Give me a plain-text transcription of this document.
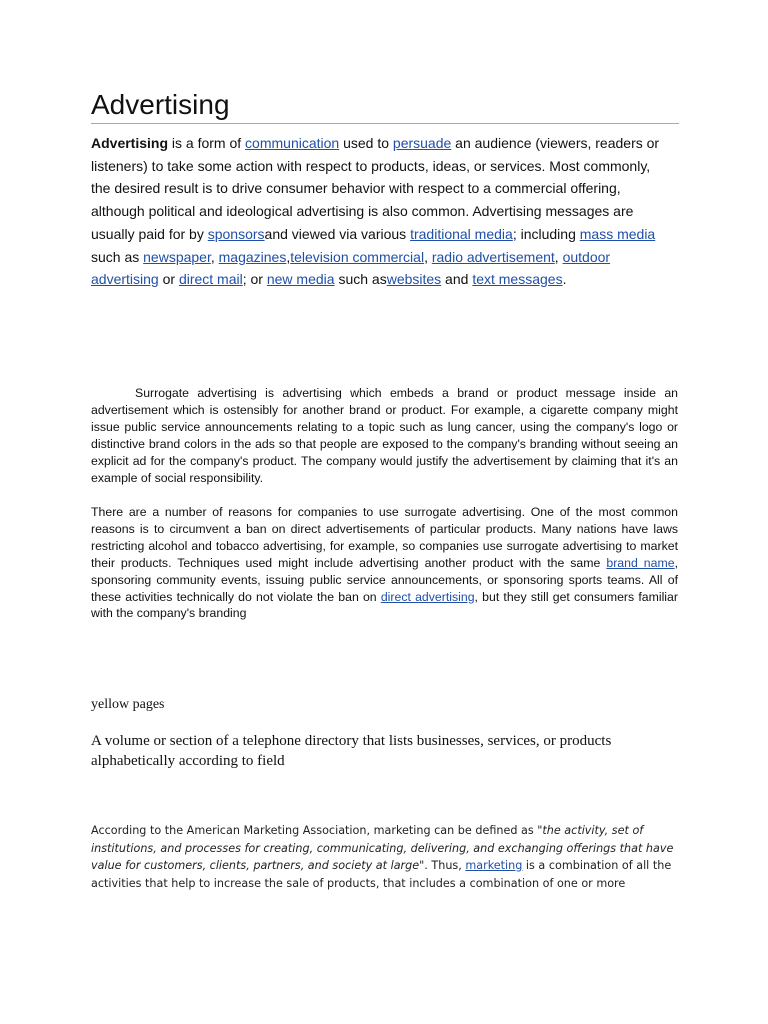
Advertising
Advertising is a form of communication used to persuade an audience (viewers, readers or listeners) to take some action with respect to products, ideas, or services. Most commonly, the desired result is to drive consumer behavior with respect to a commercial offering, although political and ideological advertising is also common. Advertising messages are usually paid for by sponsorsand viewed via various traditional media; including mass media such as newspaper, magazines,television commercial, radio advertisement, outdoor advertising or direct mail; or new media such aswebsites and text messages.
Surrogate advertising is advertising which embeds a brand or product message inside an advertisement which is ostensibly for another brand or product. For example, a cigarette company might issue public service announcements relating to a topic such as lung cancer, using the company's logo or distinctive brand colors in the ads so that people are exposed to the company's branding without seeing an explicit ad for the company's product. The company would justify the advertisement by claiming that it's an example of social responsibility.
There are a number of reasons for companies to use surrogate advertising. One of the most common reasons is to circumvent a ban on direct advertisements of particular products. Many nations have laws restricting alcohol and tobacco advertising, for example, so companies use surrogate advertising to market their products. Techniques used might include advertising another product with the same brand name, sponsoring community events, issuing public service announcements, or sponsoring sports teams. All of these activities technically do not violate the ban on direct advertising, but they still get consumers familiar with the company's branding
yellow pages
A volume or section of a telephone directory that lists businesses, services, or products alphabetically according to field
According to the American Marketing Association, marketing can be defined as "the activity, set of institutions, and processes for creating, communicating, delivering, and exchanging offerings that have value for customers, clients, partners, and society at large". Thus, marketing is a combination of all the activities that help to increase the sale of products, that includes a combination of one or more
